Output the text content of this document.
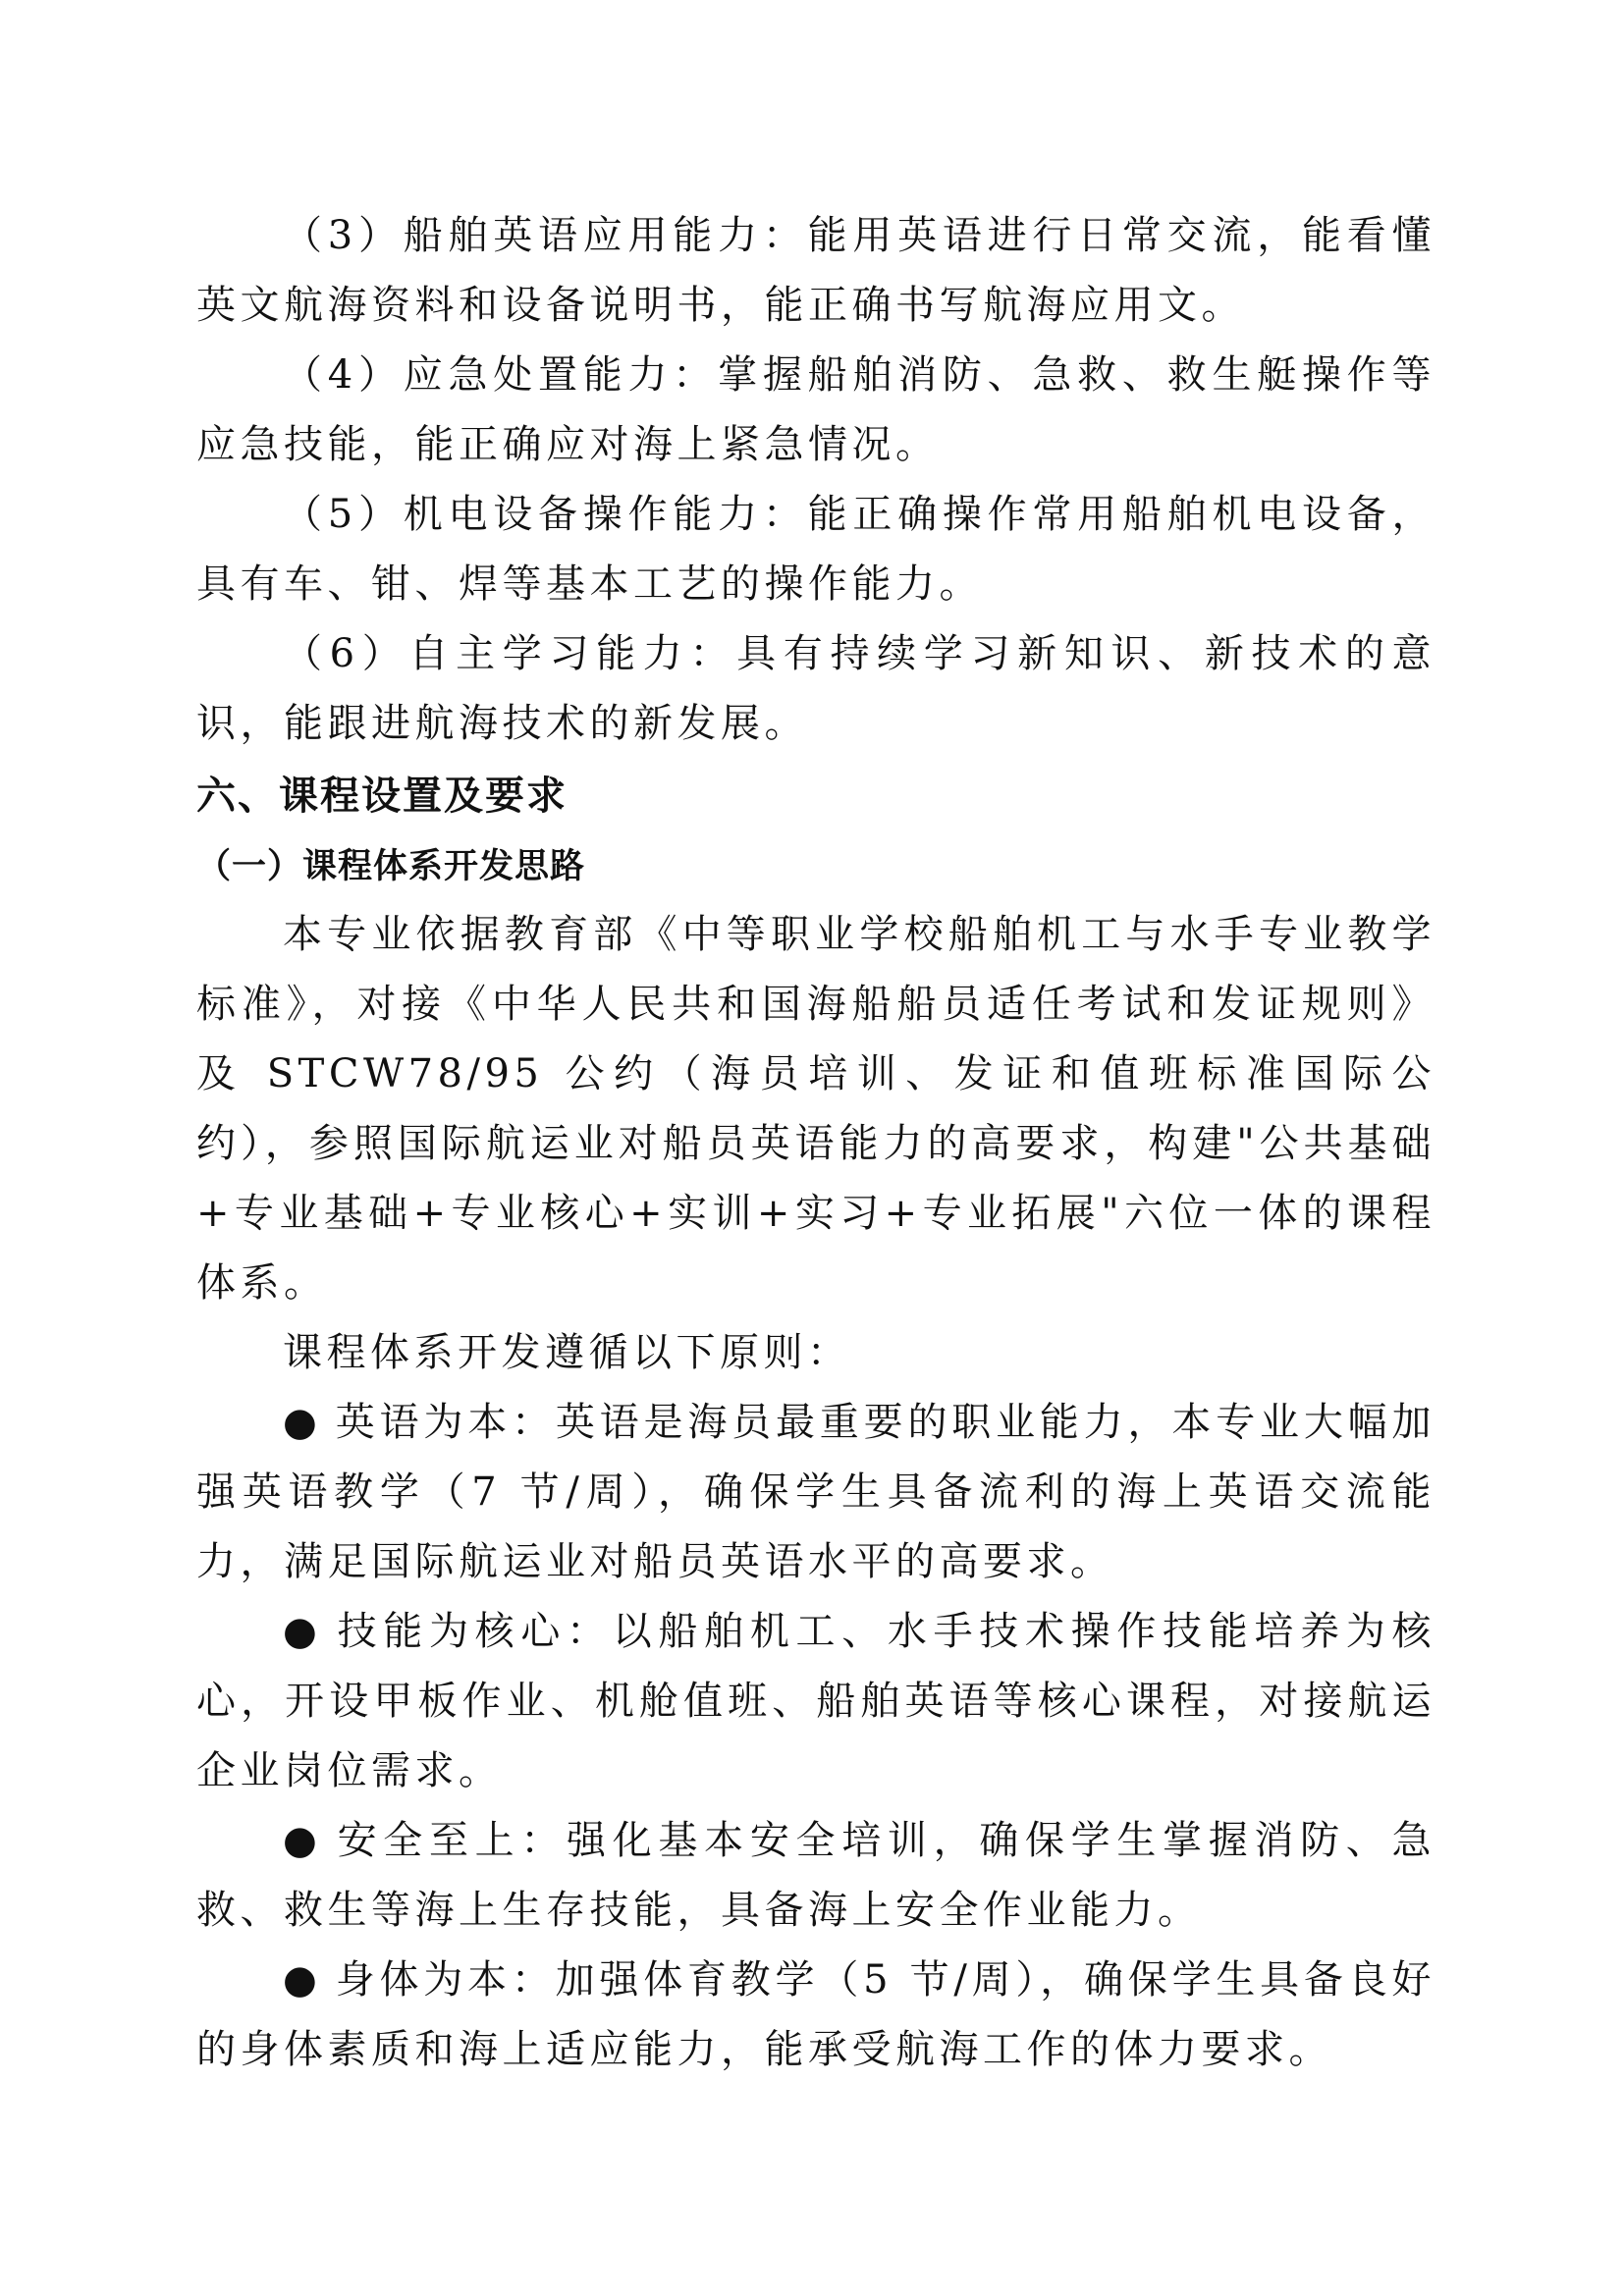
（3）船舶英语应用能力：能用英语进行日常交流，能看懂英文航海资料和设备说明书，能正确书写航海应用文。

（4）应急处置能力：掌握船舶消防、急救、救生艇操作等应急技能，能正确应对海上紧急情况。

（5）机电设备操作能力：能正确操作常用船舶机电设备，具有车、钳、焊等基本工艺的操作能力。

（6）自主学习能力：具有持续学习新知识、新技术的意识，能跟进航海技术的新发展。

六、课程设置及要求
（一）课程体系开发思路

本专业依据教育部《中等职业学校船舶机工与水手专业教学标准》，对接《中华人民共和国海船船员适任考试和发证规则》及 STCW78/95 公约（海员培训、发证和值班标准国际公约），参照国际航运业对船员英语能力的高要求，构建"公共基础+专业基础+专业核心+实训+实习+专业拓展"六位一体的课程体系。

课程体系开发遵循以下原则：

● 英语为本：英语是海员最重要的职业能力，本专业大幅加强英语教学（7 节/周），确保学生具备流利的海上英语交流能力，满足国际航运业对船员英语水平的高要求。

● 技能为核心：以船舶机工、水手技术操作技能培养为核心，开设甲板作业、机舱值班、船舶英语等核心课程，对接航运企业岗位需求。

● 安全至上：强化基本安全培训，确保学生掌握消防、急救、救生等海上生存技能，具备海上安全作业能力。

● 身体为本：加强体育教学（5 节/周），确保学生具备良好的身体素质和海上适应能力，能承受航海工作的体力要求。
